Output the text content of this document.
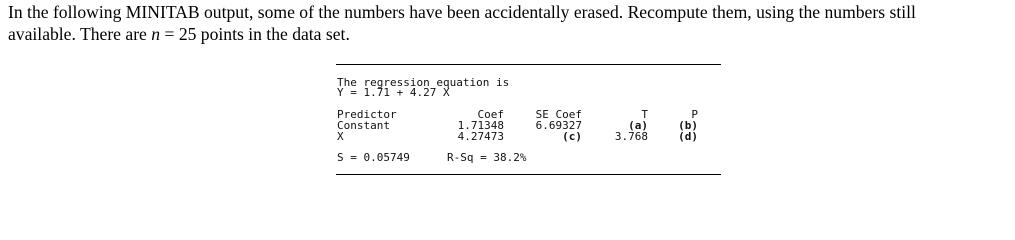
In the following MINITAB output, some of the numbers have been accidentally erased. Recompute them, using the numbers still
available. There are n = 25 points in the data set.

The regression equation is
Y = 1.71 + 4.27 X
Predictor	Coef	SE Coef	T	P
Constant	1.71348	6.69327	(a)	(b)
X	4.27473	(c)	3.768	(d)
S = 0.05749	R-Sq = 38.2%
